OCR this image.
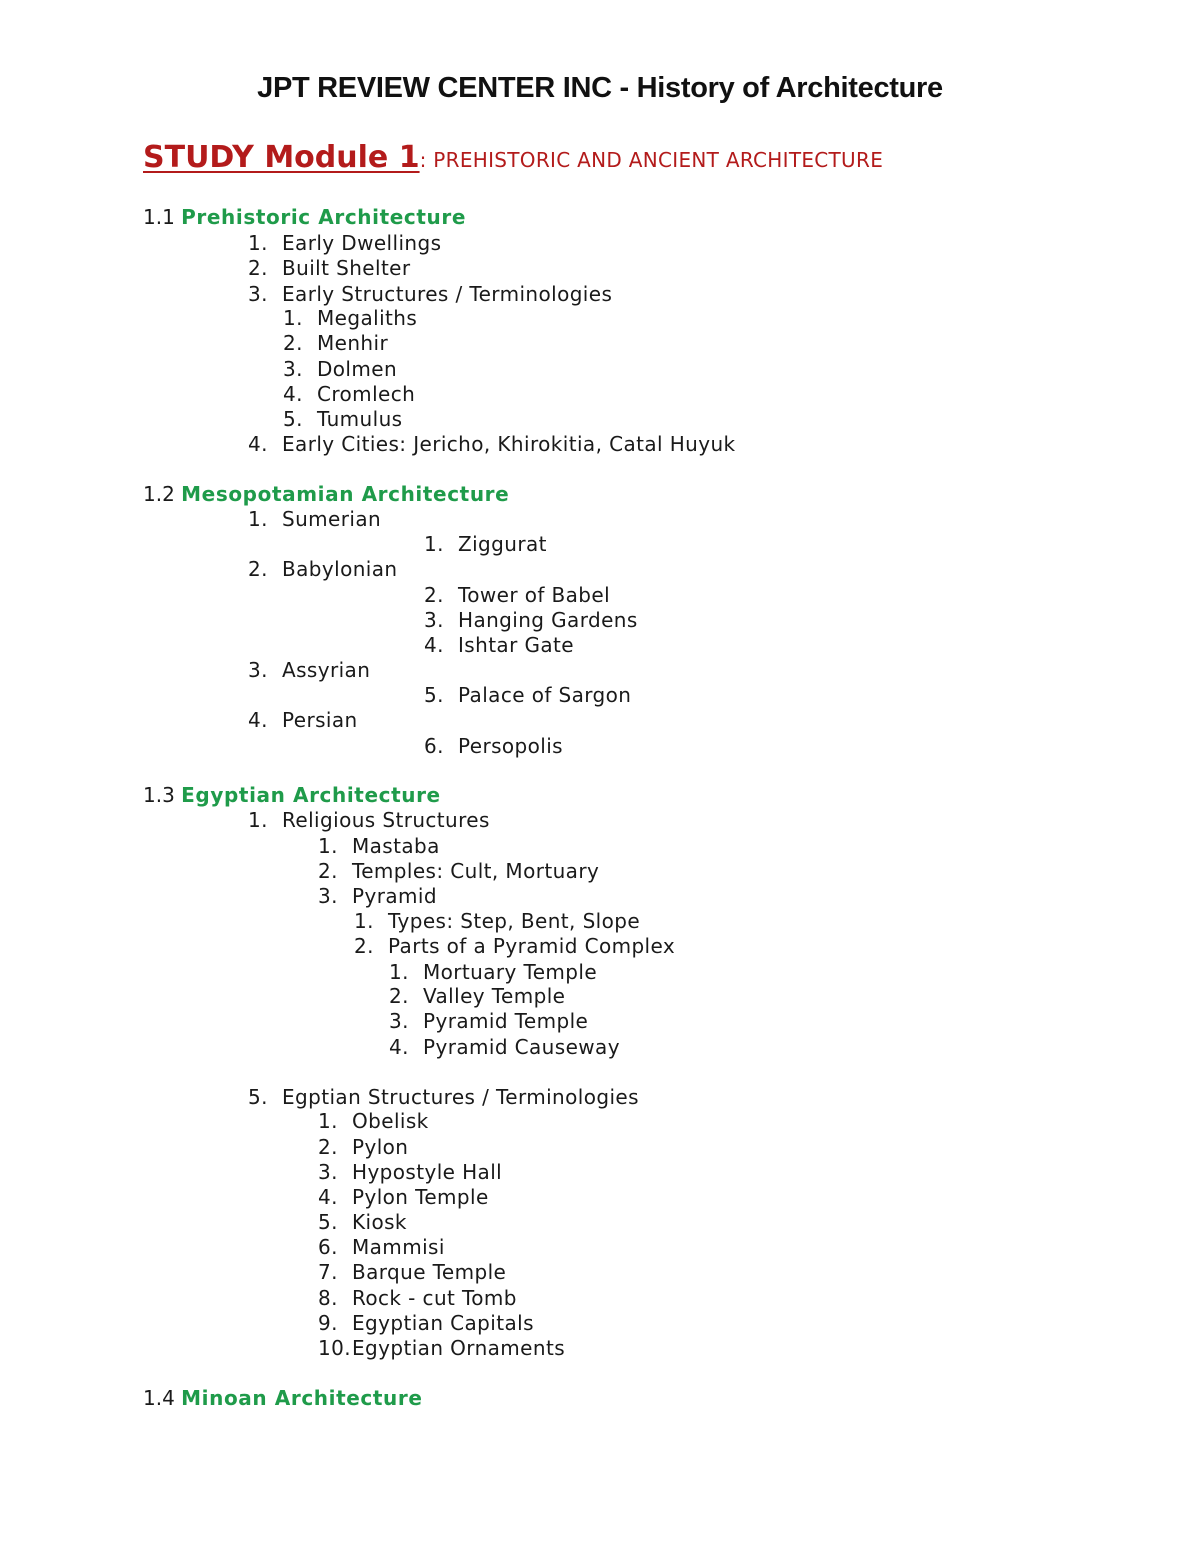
JPT REVIEW CENTER INC - History of Architecture
STUDY Module 1: PREHISTORIC AND ANCIENT ARCHITECTURE
1.1 Prehistoric Architecture
1. Early Dwellings
2. Built Shelter
3. Early Structures / Terminologies
1. Megaliths
2. Menhir
3. Dolmen
4. Cromlech
5. Tumulus
4. Early Cities: Jericho, Khirokitia, Catal Huyuk
1.2 Mesopotamian Architecture
1. Sumerian
1. Ziggurat
2. Babylonian
2. Tower of Babel
3. Hanging Gardens
4. Ishtar Gate
3. Assyrian
5. Palace of Sargon
4. Persian
6. Persopolis
1.3 Egyptian Architecture
1. Religious Structures
1. Mastaba
2. Temples: Cult, Mortuary
3. Pyramid
1. Types: Step, Bent, Slope
2. Parts of a Pyramid Complex
1. Mortuary Temple
2. Valley Temple
3. Pyramid Temple
4. Pyramid Causeway
5. Egptian Structures / Terminologies
1. Obelisk
2. Pylon
3. Hypostyle Hall
4. Pylon Temple
5. Kiosk
6. Mammisi
7. Barque Temple
8. Rock - cut Tomb
9. Egyptian Capitals
10.Egyptian Ornaments
1.4 Minoan Architecture
